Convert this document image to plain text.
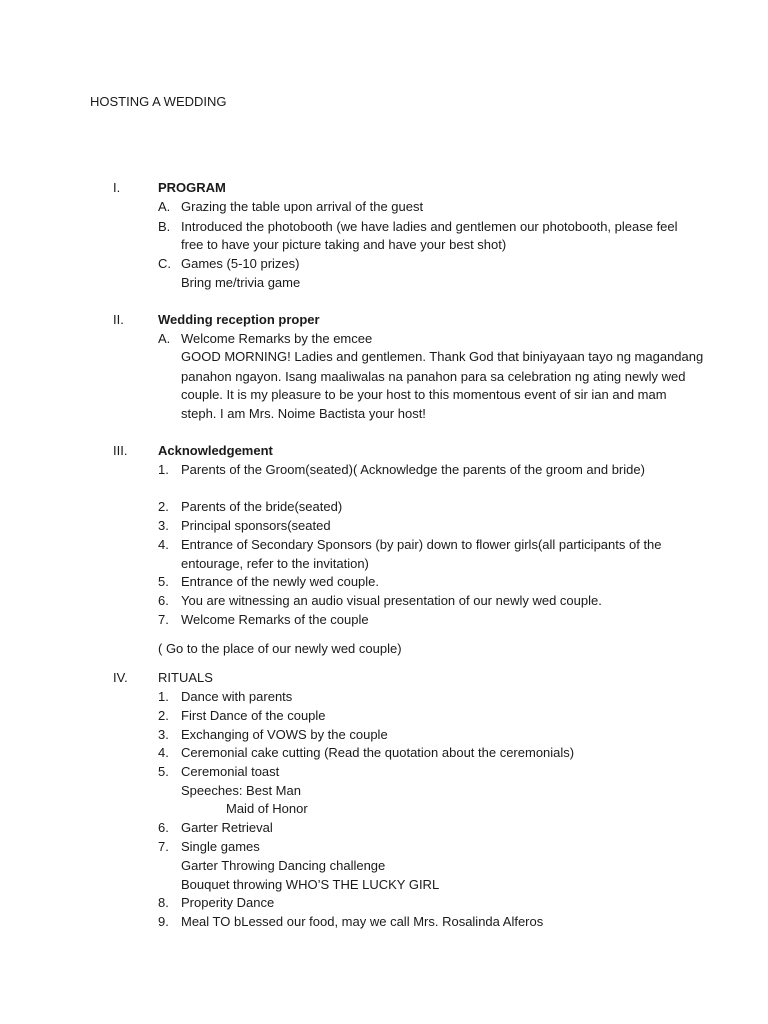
HOSTING A WEDDING
I.	PROGRAM
A. Grazing the table upon arrival of the guest
B. Introduced the photobooth (we have ladies and gentlemen our photobooth, please feel
free to have your picture taking and have your best shot)
C. Games (5-10 prizes)
Bring me/trivia game
II.	Wedding reception proper
A. Welcome Remarks by the emcee
GOOD MORNING! Ladies and gentlemen. Thank God that biniyayaan tayo ng magandang
panahon ngayon. Isang maaliwalas na panahon para sa celebration ng ating newly wed
couple. It is my pleasure to be your host to this momentous event of sir ian and mam
steph. I am Mrs. Noime Bactista your host!
III. Acknowledgement
1. Parents of the Groom(seated)( Acknowledge the parents of the groom and bride)
2. Parents of the bride(seated)
3. Principal sponsors(seated
4. Entrance of Secondary Sponsors (by pair) down to flower girls(all participants of the
entourage, refer to the invitation)
5. Entrance of the newly wed couple.
6. You are witnessing an audio visual presentation of our newly wed couple.
7. Welcome Remarks of the couple
( Go to the place of our newly wed couple)
IV. RITUALS
1. Dance with parents
2. First Dance of the couple
3. Exchanging of VOWS by the couple
4. Ceremonial cake cutting (Read the quotation about the ceremonials)
5. Ceremonial toast
Speeches: Best Man
Maid of Honor
6. Garter Retrieval
7. Single games
Garter Throwing Dancing challenge
Bouquet throwing WHO’S THE LUCKY GIRL
8. Properity Dance
9. Meal TO bLessed our food, may we call Mrs. Rosalinda Alferos
